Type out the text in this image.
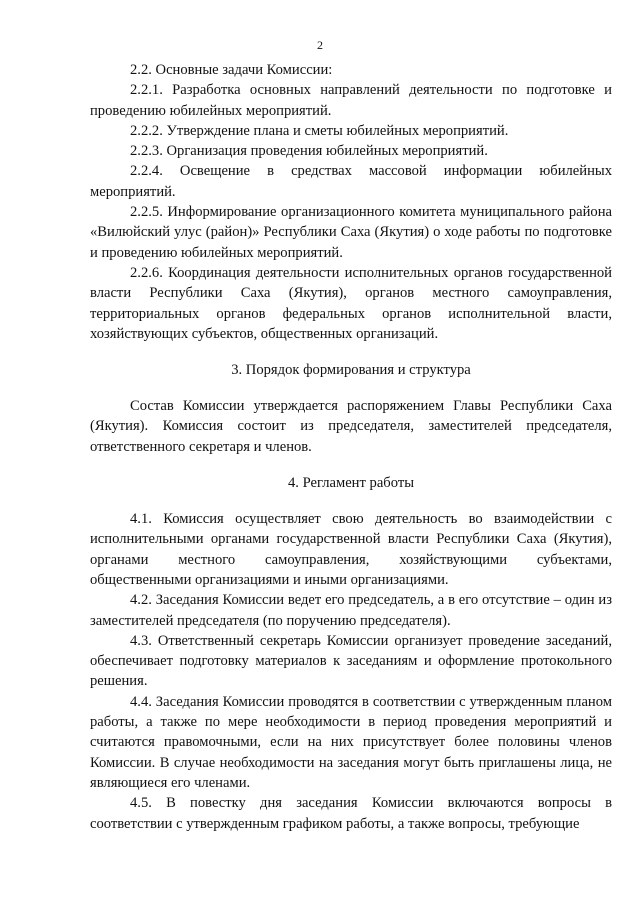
2

2.2. Основные задачи Комиссии:

2.2.1. Разработка основных направлений деятельности по подготовке и проведению юбилейных мероприятий.

2.2.2. Утверждение плана и сметы юбилейных мероприятий.

2.2.3. Организация проведения юбилейных мероприятий.

2.2.4. Освещение в средствах массовой информации юбилейных мероприятий.

2.2.5. Информирование организационного комитета муниципального района «Вилюйский улус (район)» Республики Саха (Якутия) о ходе работы по подготовке и проведению юбилейных мероприятий.

2.2.6. Координация деятельности исполнительных органов государственной власти Республики Саха (Якутия), органов местного самоуправления, территориальных органов федеральных органов исполнительной власти, хозяйствующих субъектов, общественных организаций.

3. Порядок формирования и структура

Состав Комиссии утверждается распоряжением Главы Республики Саха (Якутия). Комиссия состоит из председателя, заместителей председателя, ответственного секретаря и членов.

4. Регламент работы

4.1. Комиссия осуществляет свою деятельность во взаимодействии с исполнительными органами государственной власти Республики Саха (Якутия), органами местного самоуправления, хозяйствующими субъектами, общественными организациями и иными организациями.

4.2. Заседания Комиссии ведет его председатель, а в его отсутствие – один из заместителей председателя (по поручению председателя).

4.3. Ответственный секретарь Комиссии организует проведение заседаний, обеспечивает подготовку материалов к заседаниям и оформление протокольного решения.

4.4. Заседания Комиссии проводятся в соответствии с утвержденным планом работы, а также по мере необходимости в период проведения мероприятий и считаются правомочными, если на них присутствует более половины членов Комиссии. В случае необходимости на заседания могут быть приглашены лица, не являющиеся его членами.

4.5. В повестку дня заседания Комиссии включаются вопросы в соответствии с утвержденным графиком работы, а также вопросы, требующие
